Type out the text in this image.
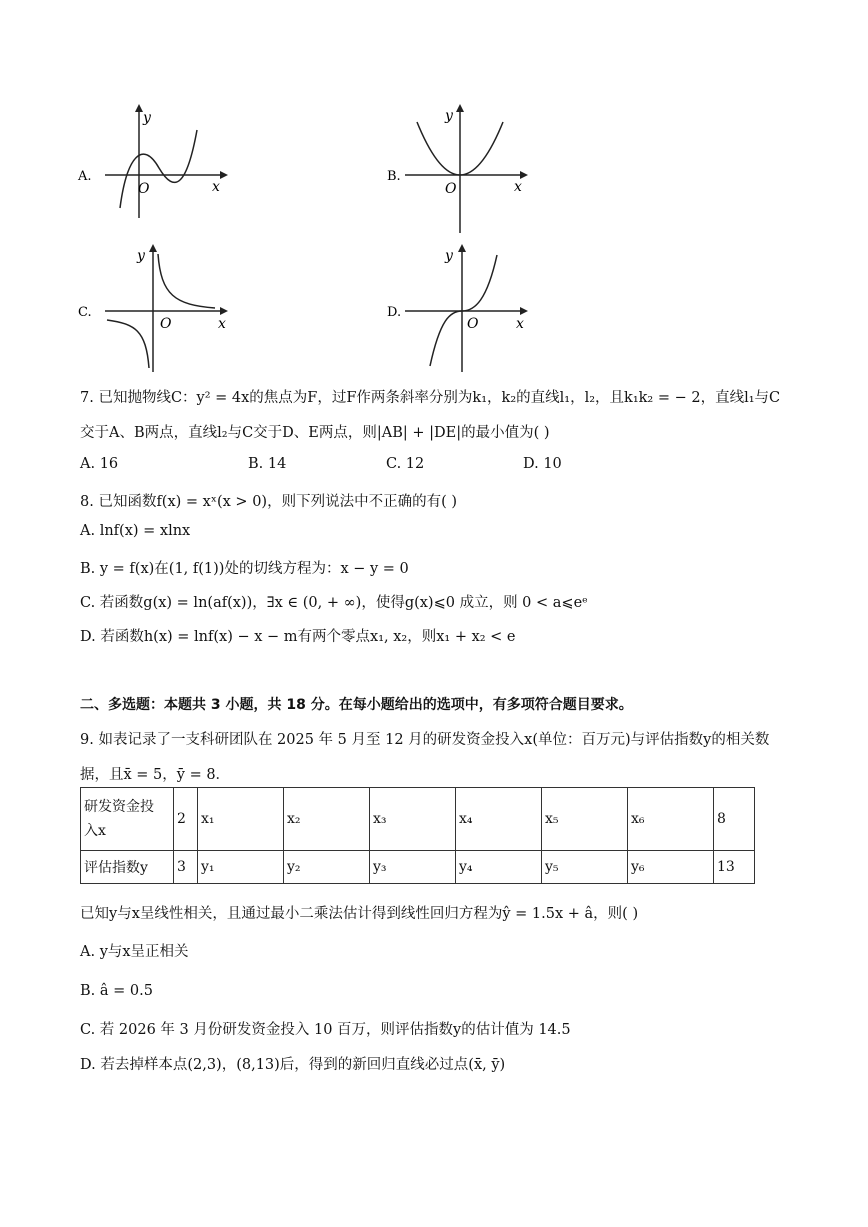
A.
y
x
O
B.
y
x
O
C.
y
x
O
D.
y
x
O
7. 已知抛物线C：y² = 4x的焦点为F，过F作两条斜率分别为k₁，k₂的直线l₁，l₂，且k₁k₂ = − 2，直线l₁与C
交于A、B两点，直线l₂与C交于D、E两点，则|AB| + |DE|的最小值为( )
A. 16	B. 14	C. 12	D. 10
8. 已知函数f(x) = xˣ(x > 0)，则下列说法中不正确的有( )
A. lnf(x) = xlnx
B. y = f(x)在(1, f(1))处的切线方程为：x − y = 0
C. 若函数g(x) = ln(af(x))，∃x ∈ (0, + ∞)，使得g(x)⩽0 成立，则 0 < a⩽eᵉ
D. 若函数h(x) = lnf(x) − x − m有两个零点x₁, x₂，则x₁ + x₂ < e
二、多选题：本题共 3 小题，共 18 分。在每小题给出的选项中，有多项符合题目要求。
9. 如表记录了一支科研团队在 2025 年 5 月至 12 月的研发资金投入x(单位：百万元)与评估指数y的相关数
据，且x̄ = 5，ȳ = 8．
研发资金投
入x	2	x₁	x₂	x₃	x₄	x₅	x₆	8
评估指数y	3	y₁	y₂	y₃	y₄	y₅	y₆	13
已知y与x呈线性相关，且通过最小二乘法估计得到线性回归方程为ŷ = 1.5x + â，则( )
A. y与x呈正相关
B. â = 0.5
C. 若 2026 年 3 月份研发资金投入 10 百万，则评估指数y的估计值为 14.5
D. 若去掉样本点(2,3)，(8,13)后，得到的新回归直线必过点(x̄, ȳ)
